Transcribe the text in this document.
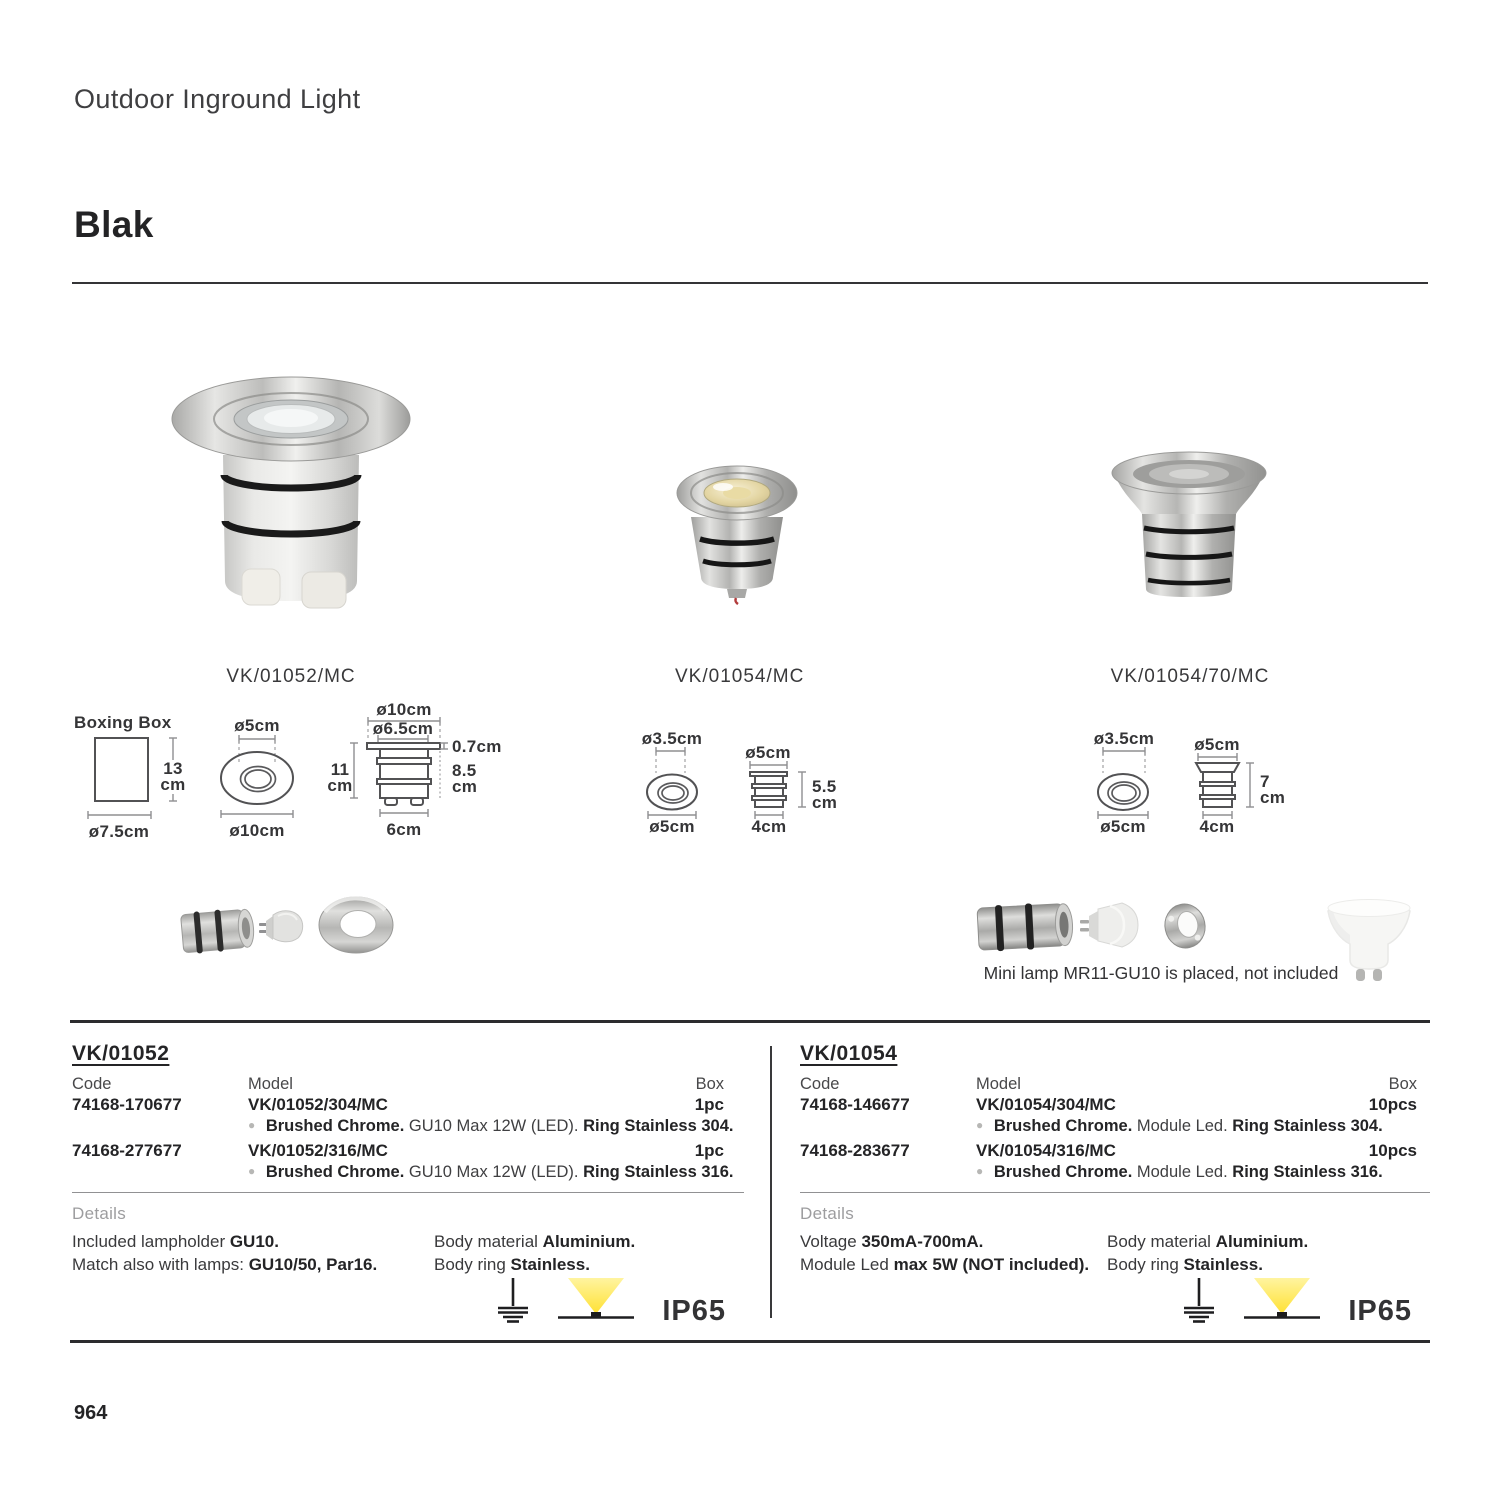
Outdoor Inground Light
Blak
VK/01052/MC	VK/01054/MC	VK/01054/70/MC
Boxing Box
13
cm
ø7.5cm
ø5cm
ø10cm
ø10cm
ø6.5cm
11
cm
0.7cm
8.5
cm
6cm
ø3.5cm
ø5cm
ø5cm
5.5
cm
4cm
ø3.5cm
ø5cm
ø5cm
7
cm
4cm
Mini lamp MR11-GU10 is placed, not included
VK/01052
Code	Model	Box
74168-170677	VK/01052/304/MC	1pc
● Brushed Chrome. GU10 Max 12W (LED). Ring Stainless 304.
74168-277677	VK/01052/316/MC	1pc
● Brushed Chrome. GU10 Max 12W (LED). Ring Stainless 316.
Details
Included lampholder GU10.
Match also with lamps: GU10/50, Par16.
Body material Aluminium.
Body ring Stainless.
IP65
VK/01054
Code	Model	Box
74168-146677	VK/01054/304/MC	10pcs
● Brushed Chrome. Module Led. Ring Stainless 304.
74168-283677	VK/01054/316/MC	10pcs
● Brushed Chrome. Module Led. Ring Stainless 316.
Details
Voltage 350mA-700mA.
Module Led max 5W (NOT included).
Body material Aluminium.
Body ring Stainless.
IP65
964
